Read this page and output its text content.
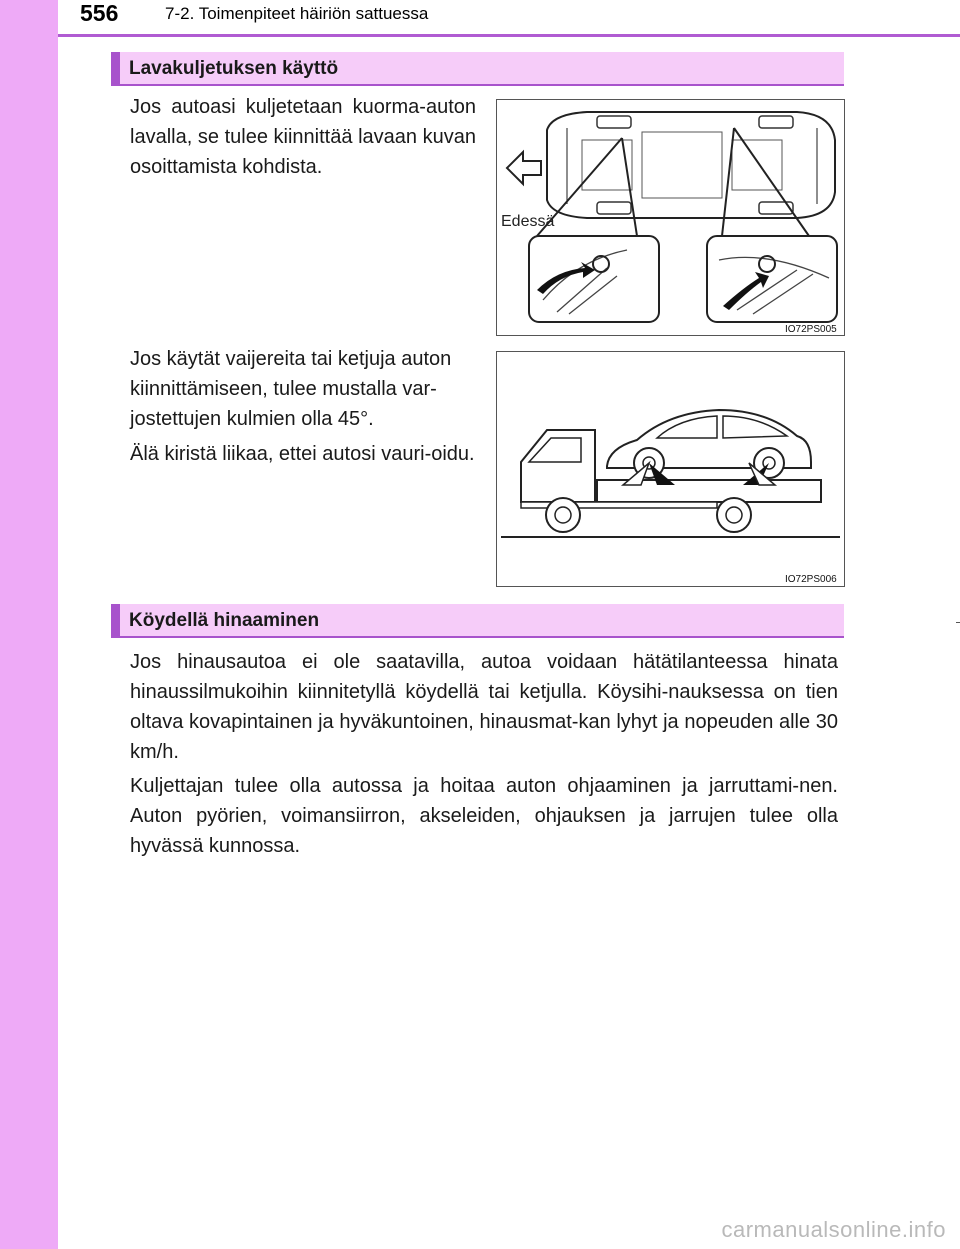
556	7-2. Toimenpiteet häiriön sattuessa
Lavakuljetuksen käyttö

Jos autoasi kuljetetaan kuorma-auton lavalla, se tulee kiinnittää lavaan kuvan osoittamista kohdista.

Jos käytät vaijereita tai ketjuja auton kiinnittämiseen, tulee mustalla var-jostettujen kulmien olla 45°.

Älä kiristä liikaa, ettei autosi vauri-oidu.

Edessä
IO72PS005
IO72PS006
Köydellä hinaaminen

Jos hinausautoa ei ole saatavilla, autoa voidaan hätätilanteessa hinata hinaussilmukoihin kiinnitetyllä köydellä tai ketjulla. Köysihi-nauksessa on tien oltava kovapintainen ja hyväkuntoinen, hinausmat-kan lyhyt ja nopeuden alle 30 km/h.

Kuljettajan tulee olla autossa ja hoitaa auton ohjaaminen ja jarruttami-nen. Auton pyörien, voimansiirron, akseleiden, ohjauksen ja jarrujen tulee olla hyvässä kunnossa.

carmanualsonline.info
